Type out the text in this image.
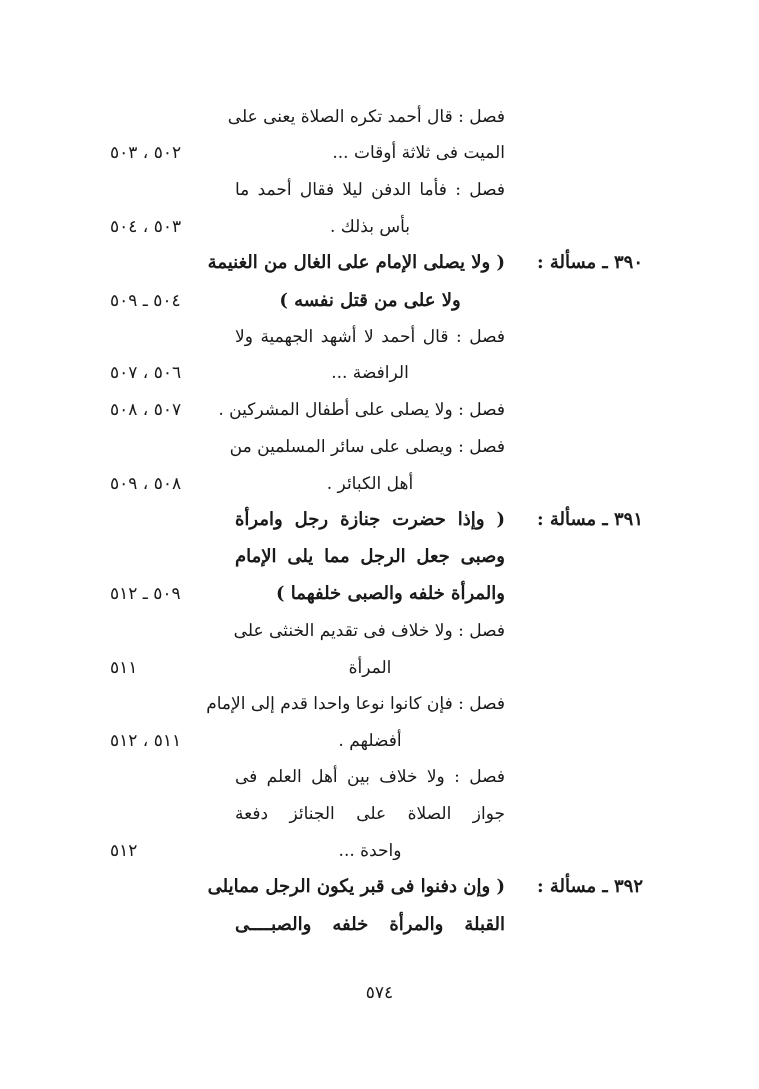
فصل : قال أحمد تكره الصلاة يعنى على
الميت فى ثلاثة أوقات ...
٥٠٢ ، ٥٠٣
فصل : فأما الدفن ليلا فقال أحمد ما
بأس بذلك .
٥٠٣ ، ٥٠٤
٣٩٠ ـ مسألة :
( ولا يصلى الإمام على الغال من الغنيمة
ولا على من قتل نفسه )
٥٠٤ ـ ٥٠٩
فصل : قال أحمد لا أشهد الجهمية ولا
الرافضة ...
٥٠٦ ، ٥٠٧
فصل : ولا يصلى على أطفال المشركين .
٥٠٧ ، ٥٠٨
فصل : ويصلى على سائر المسلمين من
أهل الكبائر .
٥٠٨ ، ٥٠٩
٣٩١ ـ مسألة :
( وإذا حضرت جنازة رجل وامرأة
وصبى جعل الرجل مما يلى الإمام
والمرأة خلفه والصبى خلفهما )
٥٠٩ ـ ٥١٢
فصل : ولا خلاف فى تقديم الخنثى على
المرأة
٥١١
فصل : فإن كانوا نوعا واحدا قدم إلى الإمام
أفضلهم .
٥١١ ، ٥١٢
فصل : ولا خلاف بين أهل العلم فى
جواز الصلاة على الجنائز دفعة
واحدة ...
٥١٢
٣٩٢ ـ مسألة :
( وإن دفنوا فى قبر يكون الرجل ممايلى
القبلة والمرأة خلفه والصبــــى
٥٧٤
